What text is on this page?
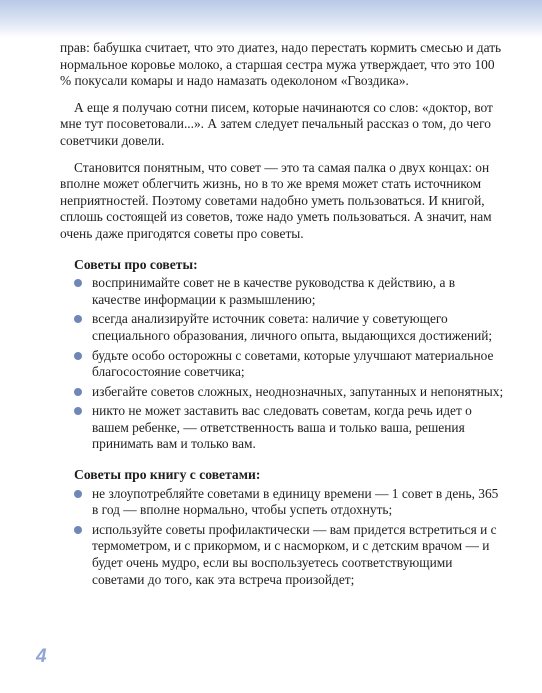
прав: бабушка считает, что это диатез, надо перестать кормить смесью и дать нормальное коровье молоко, а старшая сестра мужа утверждает, что это 100 % покусали комары и надо намазать одеколоном «Гвоздика».

А еще я получаю сотни писем, которые начинаются со слов: «доктор, вот мне тут посоветовали...». А затем следует печальный рассказ о том, до чего советчики довели.

Становится понятным, что совет — это та самая палка о двух концах: он вполне может облегчить жизнь, но в то же время может стать источником неприятностей. Поэтому советами надобно уметь пользоваться. И книгой, сплошь состоящей из советов, тоже надо уметь пользоваться. А значит, нам очень даже пригодятся советы про советы.

Советы про советы:
воспринимайте совет не в качестве руководства к действию, а в качестве информации к размышлению;
всегда анализируйте источник совета: наличие у советующего специального образования, личного опыта, выдающихся достижений;
будьте особо осторожны с советами, которые улучшают материальное благосостояние советчика;
избегайте советов сложных, неоднозначных, запутанных и непонятных;
никто не может заставить вас следовать советам, когда речь идет о вашем ребенке, — ответственность ваша и только ваша, решения принимать вам и только вам.
Советы про книгу с советами:
не злоупотребляйте советами в единицу времени — 1 совет в день, 365 в год — вполне нормально, чтобы успеть отдохнуть;
используйте советы профилактически — вам придется встретиться и с термометром, и с прикормом, и с насморком, и с детским врачом — и будет очень мудро, если вы воспользуетесь соответствующими советами до того, как эта встреча произойдет;
4
